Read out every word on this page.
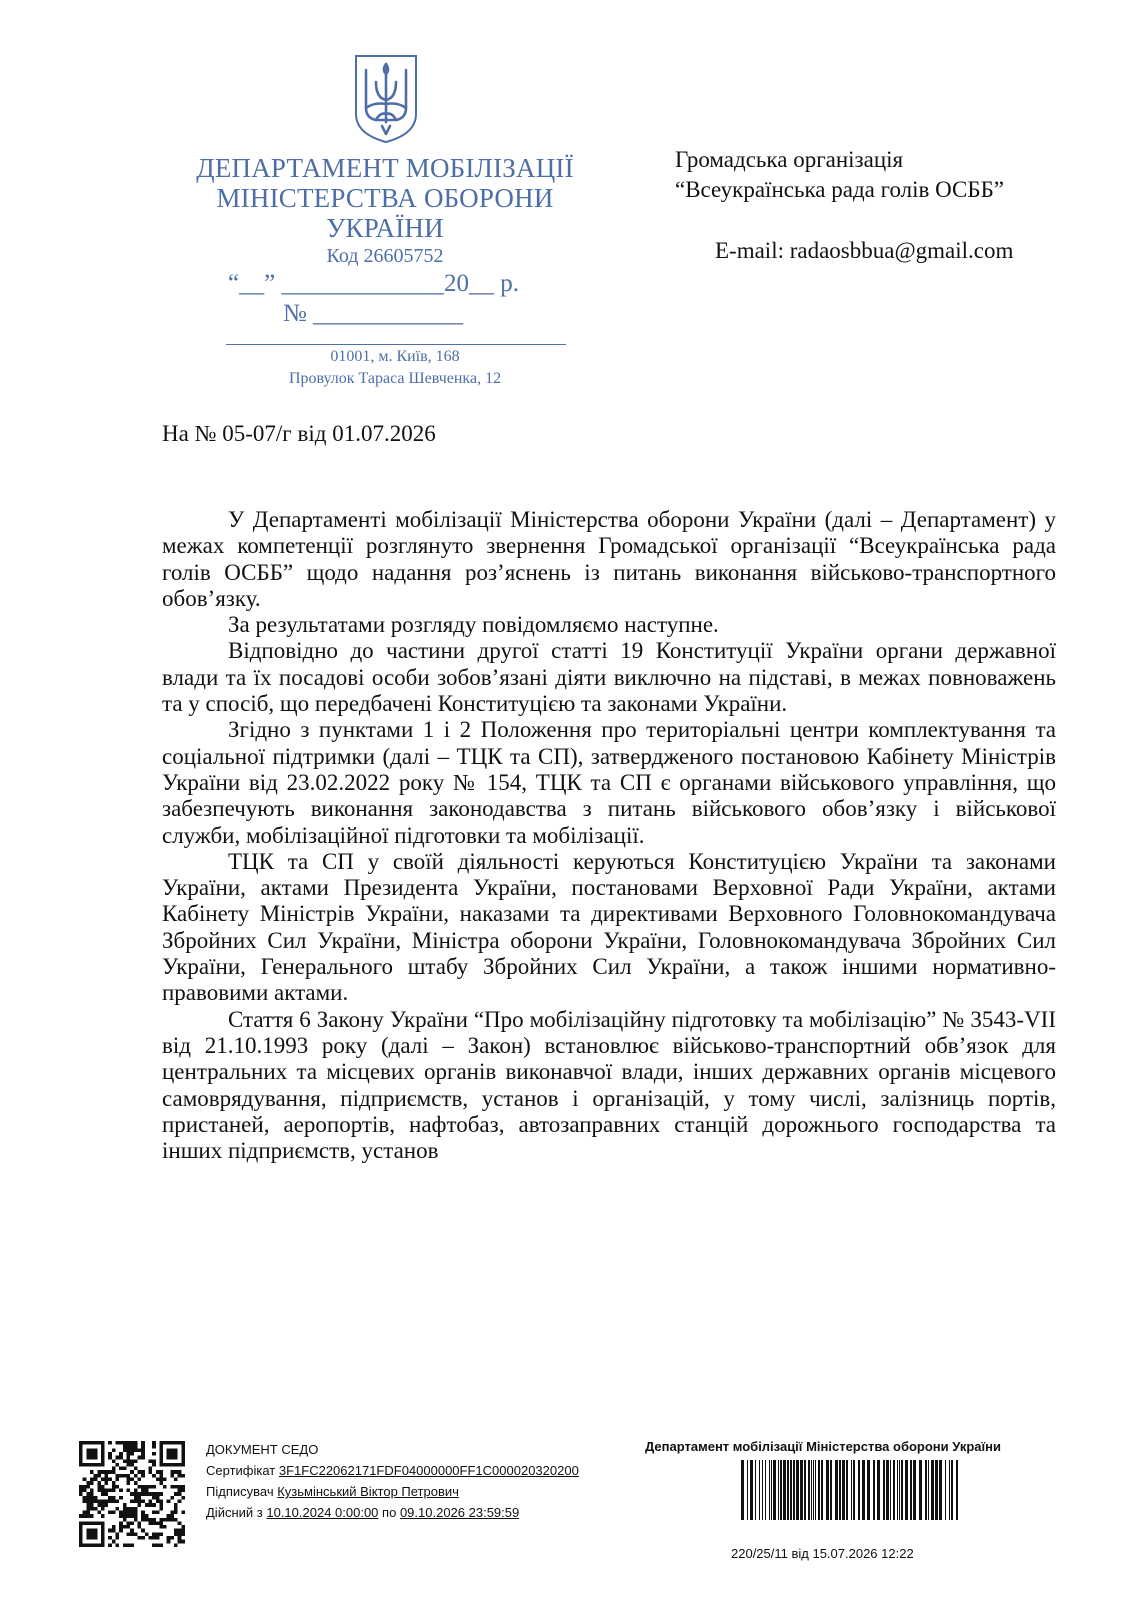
ДЕПАРТАМЕНТ МОБІЛІЗАЦІЇ
МІНІСТЕРСТВА ОБОРОНИ
УКРАЇНИ
Код 26605752
“__” _____________20__ р.
№ ____________
01001, м. Київ, 168
Провулок Тараса Шевченка, 12
Громадська організація
“Всеукраїнська рада голів ОСББ”
E-mail: radaosbbua@gmail.com
На № 05-07/г від 01.07.2026

У Департаменті мобілізації Міністерства оборони України (далі – Департамент) у межах компетенції розглянуто звернення Громадської організації “Всеукраїнська рада голів ОСББ” щодо надання роз’яснень із питань виконання військово-транспортного обов’язку.

За результатами розгляду повідомляємо наступне.

Відповідно до частини другої статті 19 Конституції України органи державної влади та їх посадові особи зобов’язані діяти виключно на підставі, в межах повноважень та у спосіб, що передбачені Конституцією та законами України.

Згідно з пунктами 1 і 2 Положення про територіальні центри комплектування та соціальної підтримки (далі – ТЦК та СП), затвердженого постановою Кабінету Міністрів України від 23.02.2022 року № 154, ТЦК та СП є органами військового управління, що забезпечують виконання законодавства з питань військового обов’язку і військової служби, мобілізаційної підготовки та мобілізації.

ТЦК та СП у своїй діяльності керуються Конституцією України та законами України, актами Президента України, постановами Верховної Ради України, актами Кабінету Міністрів України, наказами та директивами Верховного Головнокомандувача Збройних Сил України, Міністра оборони України, Головнокомандувача Збройних Сил України, Генерального штабу Збройних Сил України, а також іншими нормативно-правовими актами.

Стаття 6 Закону України “Про мобілізаційну підготовку та мобілізацію” № 3543-VII від 21.10.1993 року (далі – Закон) встановлює військово-транспортний обв’язок для центральних та місцевих органів виконавчої влади, інших державних органів місцевого самоврядування, підприємств, установ і організацій, у тому числі, залізниць портів, пристаней, аеропортів, нафтобаз, автозаправних станцій дорожнього господарства та інших підприємств, установ

ДОКУМЕНТ СЕДО
Сертифікат 3F1FC22062171FDF04000000FF1C000020320200
Підписувач Кузьмінський Віктор Петрович
Дійсний з 10.10.2024 0:00:00 по 09.10.2026 23:59:59
Департамент мобілізації Міністерства оборони України
220/25/11 від 15.07.2026 12:22
